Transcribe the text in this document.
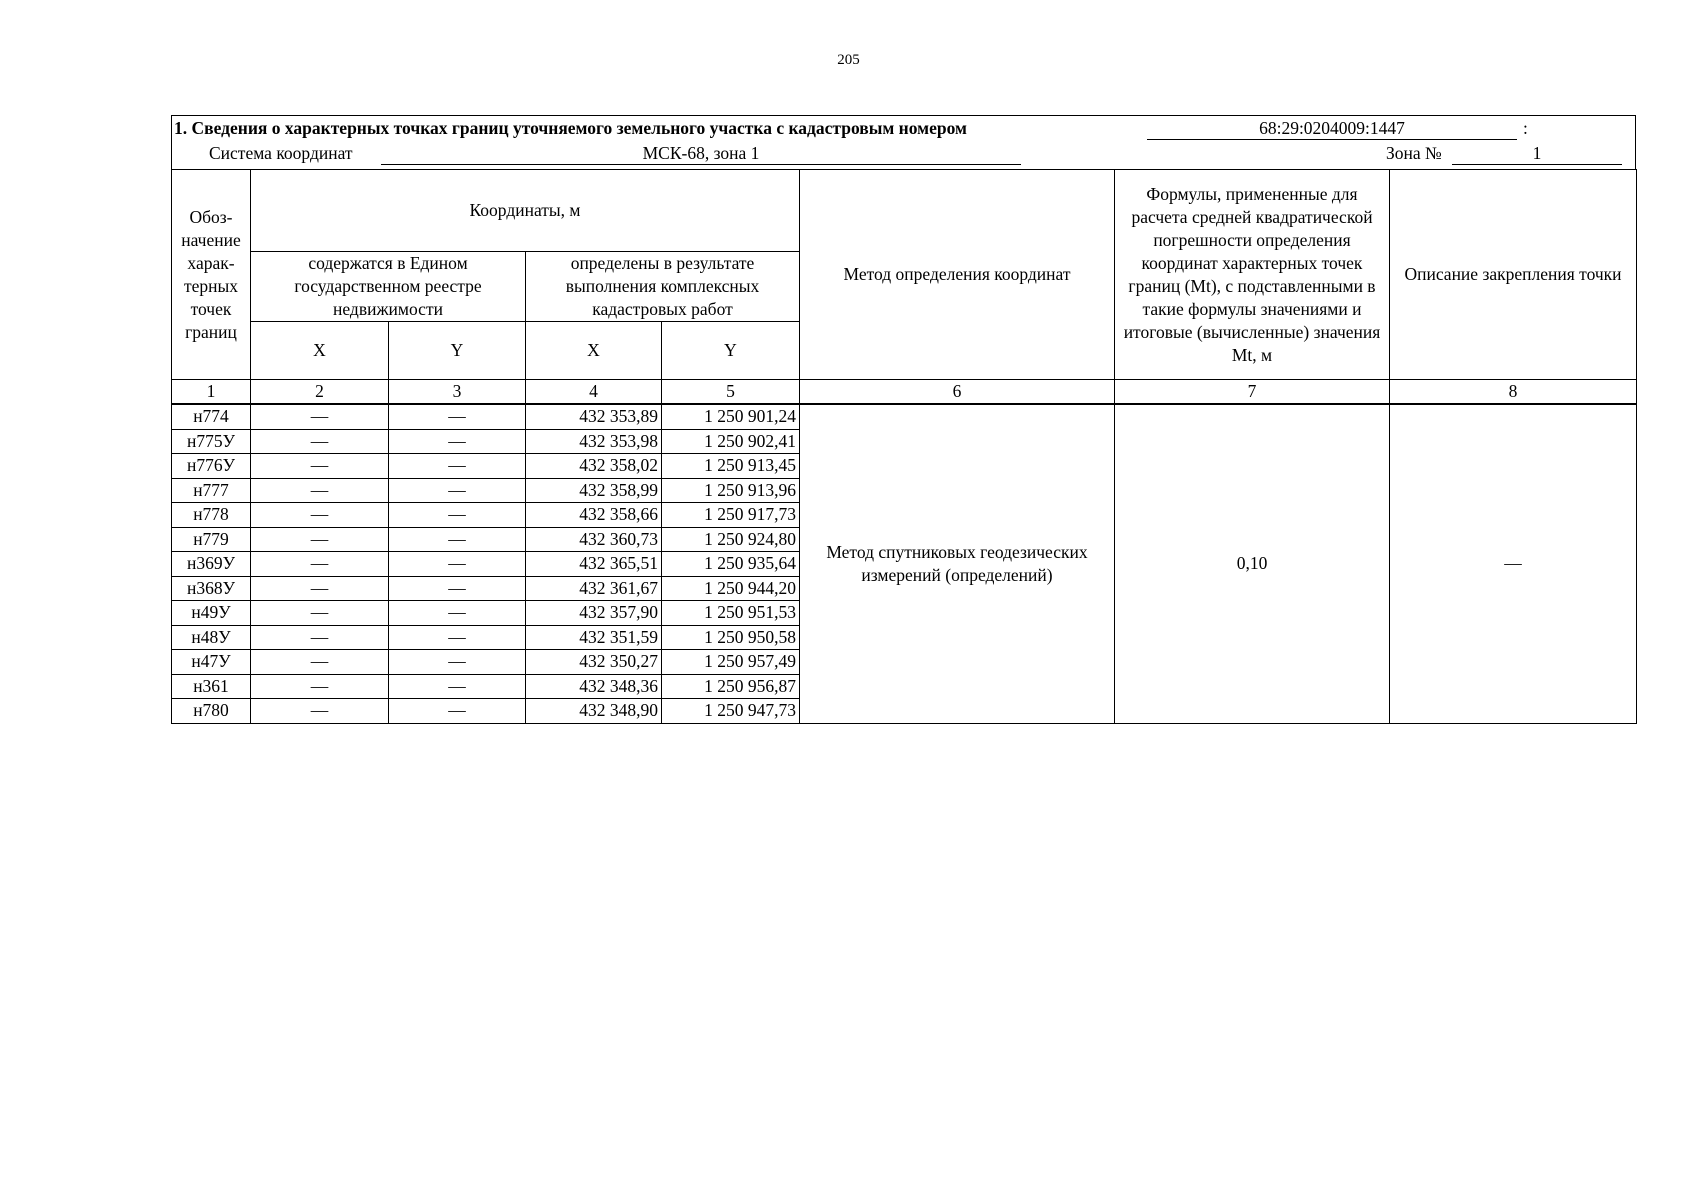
205
1. Сведения о характерных точках границ уточняемого земельного участка с кадастровым номером	68:29:0204009:1447	:
Система координат	МСК-68, зона 1	Зона №	1
Обоз-начение харак-терных точек границ	Координаты, м				Метод определения координат	Формулы, примененные для расчета средней квадратической погрешности определения координат характерных точек границ (Mt), с подставленными в такие формулы значениями и итоговые (вычисленные) значения Mt, м	Описание закрепления точки
	содержатся в Едином государственном реестре недвижимости		определены в результате выполнения комплексных кадастровых работ				
	X	Y	X	Y			
1	2	3	4	5	6	7	8
н774	—	—	432 353,89	1 250 901,24	Метод спутниковых геодезических измерений (определений)	0,10	—
н775У	—	—	432 353,98	1 250 902,41			
н776У	—	—	432 358,02	1 250 913,45			
н777	—	—	432 358,99	1 250 913,96			
н778	—	—	432 358,66	1 250 917,73			
н779	—	—	432 360,73	1 250 924,80			
н369У	—	—	432 365,51	1 250 935,64			
н368У	—	—	432 361,67	1 250 944,20			
н49У	—	—	432 357,90	1 250 951,53			
н48У	—	—	432 351,59	1 250 950,58			
н47У	—	—	432 350,27	1 250 957,49			
н361	—	—	432 348,36	1 250 956,87			
н780	—	—	432 348,90	1 250 947,73			
